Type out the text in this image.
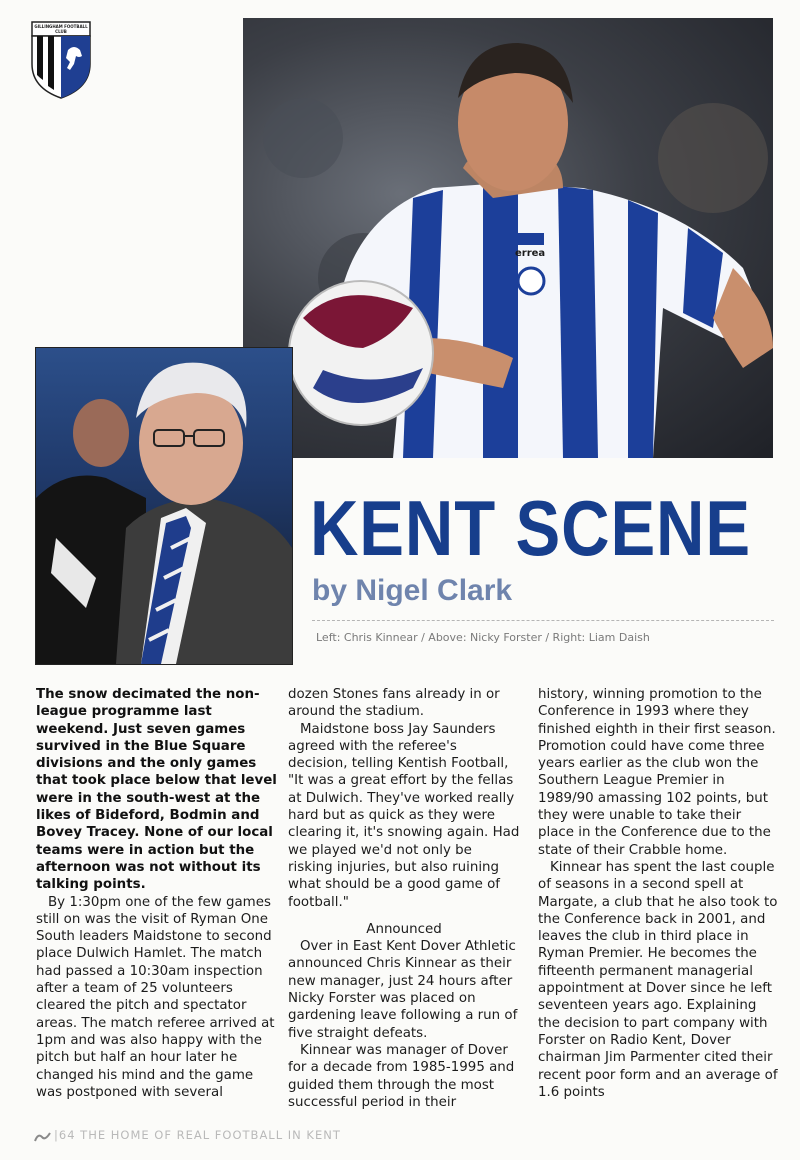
GILLINGHAM FOOTBALL CLUB
errea
KENT SCENE
by Nigel Clark
Left: Chris Kinnear / Above: Nicky Forster / Right: Liam Daish

The snow decimated the non-league programme last weekend. Just seven games survived in the Blue Square divisions and the only games that took place below that level were in the south-west at the likes of Bideford, Bodmin and Bovey Tracey. None of our local teams were in action but the afternoon was not without its talking points.

By 1:30pm one of the few games still on was the visit of Ryman One South leaders Maidstone to second place Dulwich Hamlet. The match had passed a 10:30am inspection after a team of 25 volunteers cleared the pitch and spectator areas. The match referee arrived at 1pm and was also happy with the pitch but half an hour later he changed his mind and the game was postponed with several

dozen Stones fans already in or around the stadium.

Maidstone boss Jay Saunders agreed with the referee's decision, telling Kentish Football, "It was a great effort by the fellas at Dulwich. They've worked really hard but as quick as they were clearing it, it's snowing again. Had we played we'd not only be risking injuries, but also ruining what should be a good game of football."

Announced

Over in East Kent Dover Athletic announced Chris Kinnear as their new manager, just 24 hours after Nicky Forster was placed on gardening leave following a run of five straight defeats.

Kinnear was manager of Dover for a decade from 1985-1995 and guided them through the most successful period in their

history, winning promotion to the Conference in 1993 where they finished eighth in their first season. Promotion could have come three years earlier as the club won the Southern League Premier in 1989/90 amassing 102 points, but they were unable to take their place in the Conference due to the state of their Crabble home.

Kinnear has spent the last couple of seasons in a second spell at Margate, a club that he also took to the Conference back in 2001, and leaves the club in third place in Ryman Premier. He becomes the fifteenth permanent managerial appointment at Dover since he left seventeen years ago. Explaining the decision to part company with Forster on Radio Kent, Dover chairman Jim Parmenter cited their recent poor form and an average of 1.6 points

|64 THE HOME OF REAL FOOTBALL IN KENT
